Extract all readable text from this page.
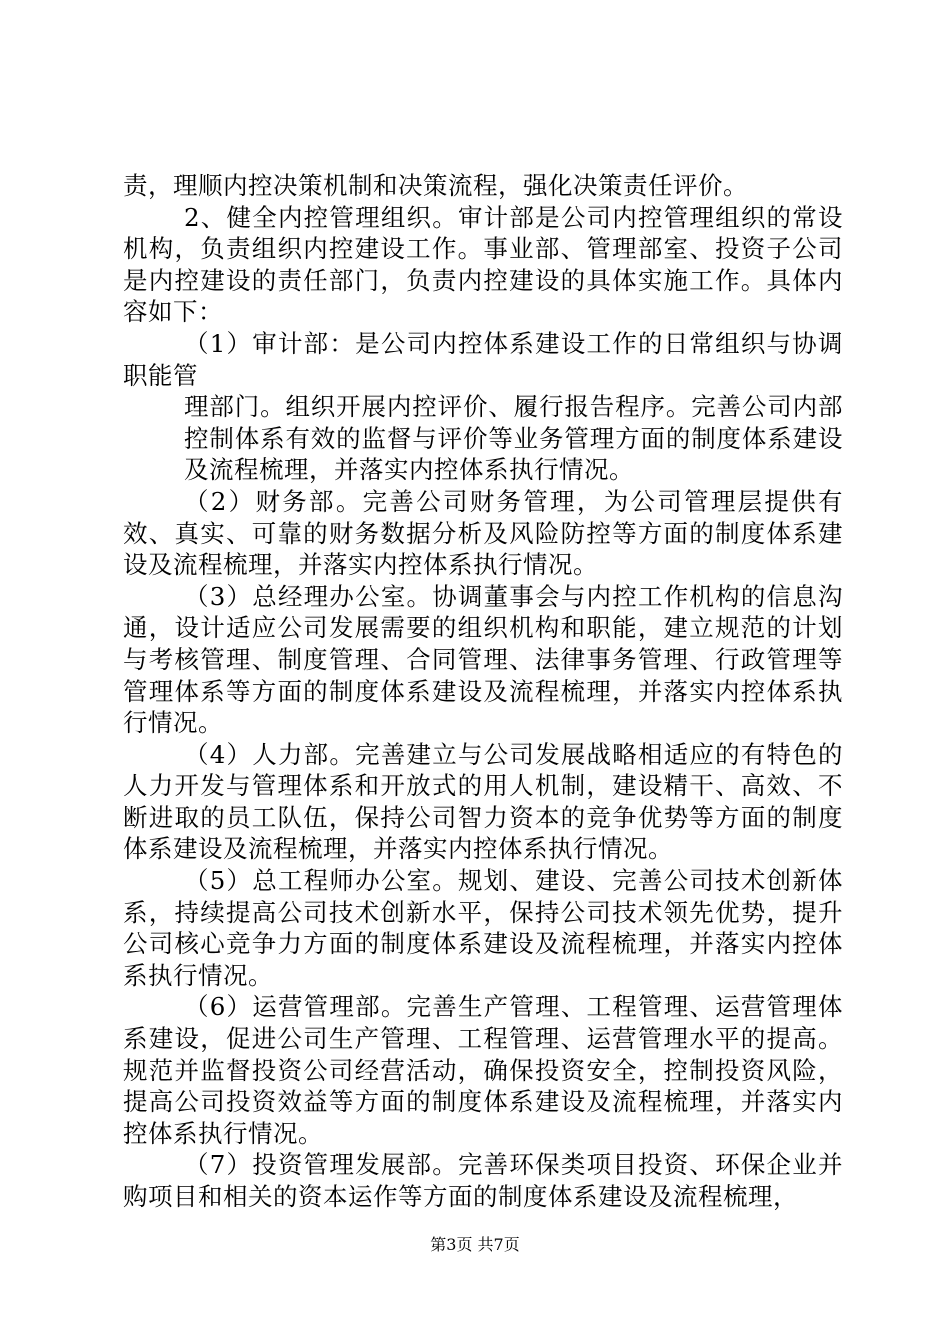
责，理顺内控决策机制和决策流程，强化决策责任评价。

2、健全内控管理组织。审计部是公司内控管理组织的常设机构，负责组织内控建设工作。事业部、管理部室、投资子公司是内控建设的责任部门，负责内控建设的具体实施工作。具体内容如下：

（1）审计部：是公司内控体系建设工作的日常组织与协调职能管

理部门。组织开展内控评价、履行报告程序。完善公司内部控制体系有效的监督与评价等业务管理方面的制度体系建设及流程梳理，并落实内控体系执行情况。

（2）财务部。完善公司财务管理，为公司管理层提供有效、真实、可靠的财务数据分析及风险防控等方面的制度体系建设及流程梳理，并落实内控体系执行情况。

（3）总经理办公室。协调董事会与内控工作机构的信息沟通，设计适应公司发展需要的组织机构和职能，建立规范的计划与考核管理、制度管理、合同管理、法律事务管理、行政管理等管理体系等方面的制度体系建设及流程梳理，并落实内控体系执行情况。

（4）人力部。完善建立与公司发展战略相适应的有特色的人力开发与管理体系和开放式的用人机制，建设精干、高效、不断进取的员工队伍，保持公司智力资本的竞争优势等方面的制度体系建设及流程梳理，并落实内控体系执行情况。

（5）总工程师办公室。规划、建设、完善公司技术创新体系，持续提高公司技术创新水平，保持公司技术领先优势，提升公司核心竞争力方面的制度体系建设及流程梳理，并落实内控体系执行情况。

（6）运营管理部。完善生产管理、工程管理、运营管理体系建设，促进公司生产管理、工程管理、运营管理水平的提高。规范并监督投资公司经营活动，确保投资安全，控制投资风险，提高公司投资效益等方面的制度体系建设及流程梳理，并落实内控体系执行情况。

（7）投资管理发展部。完善环保类项目投资、环保企业并购项目和相关的资本运作等方面的制度体系建设及流程梳理，

第3页 共7页
